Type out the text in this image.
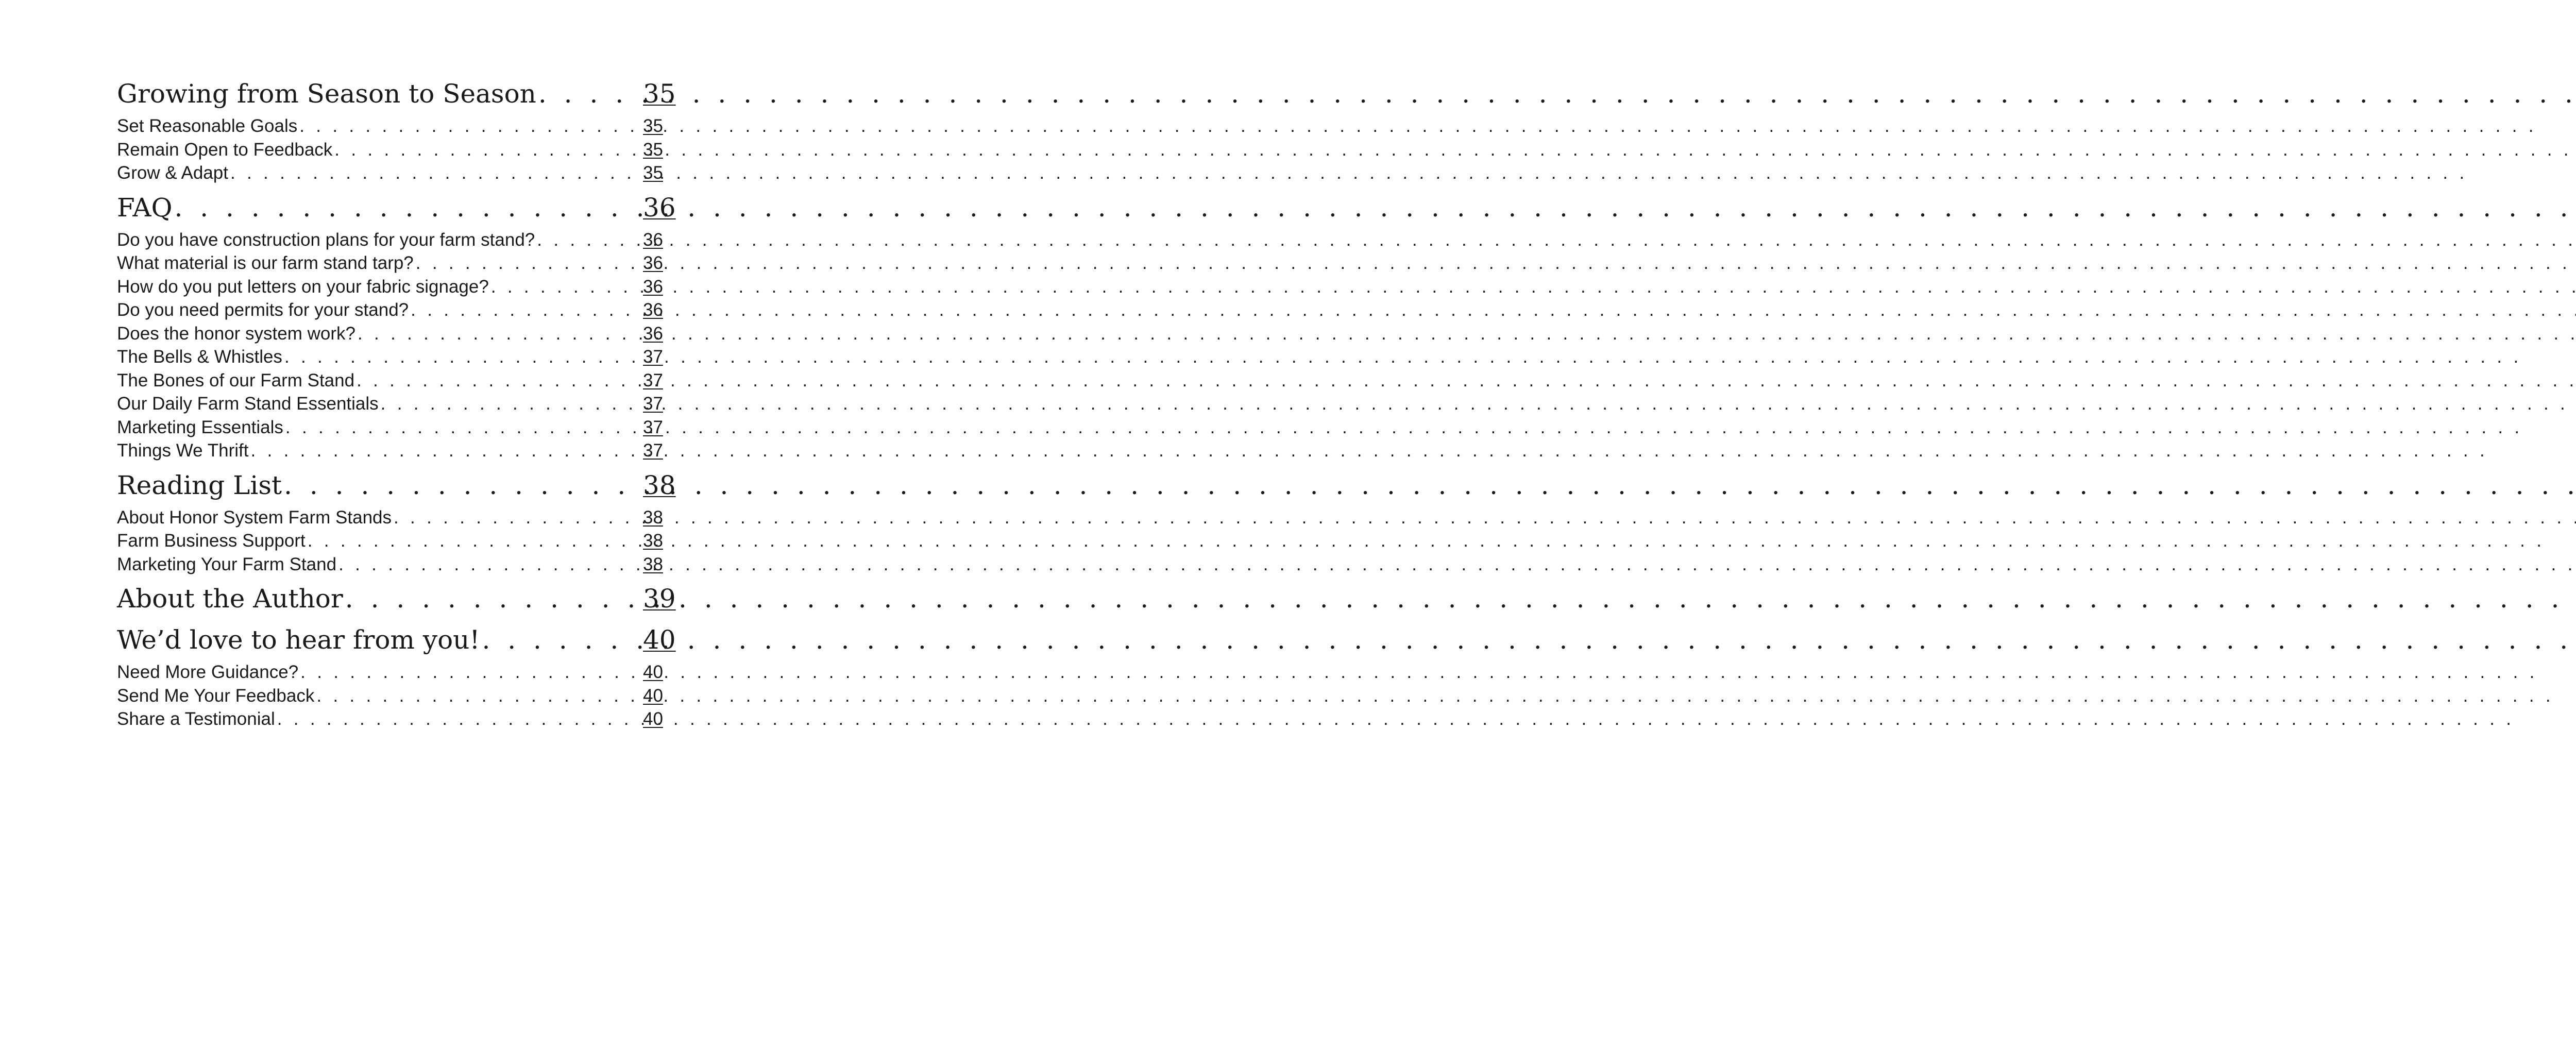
Growing from Season to Season . . .	35
Set Reasonable Goals . . .	35
Remain Open to Feedback . . .	35
Grow & Adapt . . .	35
FAQ . . .	36
Do you have construction plans for your farm stand? . . .	36
What material is our farm stand tarp? . . .	36
How do you put letters on your fabric signage? . . .	36
Do you need permits for your stand? . . .	36
Does the honor system work? . . .	36
The Bells & Whistles . . .	37
The Bones of our Farm Stand . . .	37
Our Daily Farm Stand Essentials . . .	37
Marketing Essentials . . .	37
Things We Thrift . . .	37
Reading List . . .	38
About Honor System Farm Stands . . .	38
Farm Business Support . . .	38
Marketing Your Farm Stand . . .	38
About the Author . . .	39
We’d love to hear from you! . . .	40
Need More Guidance? . . .	40
Send Me Your Feedback . . .	40
Share a Testimonial . . .	40
